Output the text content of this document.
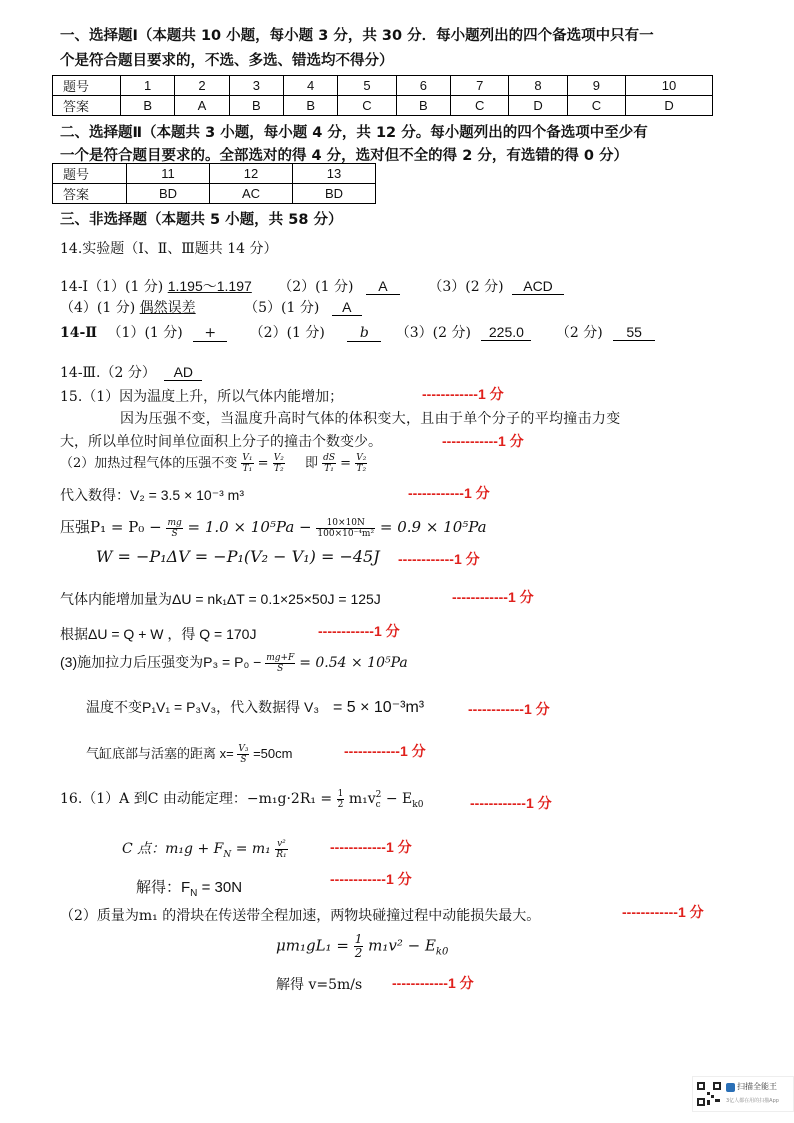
一、选择题Ⅰ（本题共 10 小题，每小题 3 分，共 30 分．每小题列出的四个备选项中只有一
个是符合题目要求的，不选、多选、错选均不得分）
题号	1	2	3	4	5	6	7	8	9	10
答案	B	A	B	B	C	B	C	D	C	D
二、选择题Ⅱ（本题共 3 小题，每小题 4 分，共 12 分。每小题列出的四个备选项中至少有
一个是符合题目要求的。全部选对的得 4 分，选对但不全的得 2 分，有选错的得 0 分）
题号	11	12	13
答案	BD	AC	BD
三、非选择题（本题共 5 小题，共 58 分）
14.实验题（Ⅰ、Ⅱ、Ⅲ题共 14 分）
14-Ⅰ（1）(1 分) 1.195～1.197 （2）(1 分) A	（3）(2 分) ACD
（4）(1 分) 偶然误差	（5）(1 分) A
14-Ⅱ （1）(1 分) + （2）(1 分) b （3）(2 分) 225.0 （2 分) 55
14-Ⅲ.（2 分） AD
15.（1）因为温度上升，所以气体内能增加；	------------1 分
因为压强不变，当温度升高时气体的体积变大，且由于单个分子的平均撞击力变
大，所以单位时间单位面积上分子的撞击个数变少。	------------1 分
（2）加热过程气体的压强不变 $\frac{\text{V₁}}{\text{T₁}} = \frac{\text{V₂}}{\text{T₂}}$ 即 $\frac{dS}{\text{T₁}} = \frac{\text{V₂}}{\text{T₂}}$
代入数得：V₂ = 3.5 × 10⁻³ m³	------------1 分
压强$P_1 = P_0 - \frac{mg}{S} = 1.0 \times 10^5Pa - \frac{10\times 10N}{\text{100×10⁻⁴m²}} = 0.9 \times 10^5Pa$
W = −P₁ΔV = −P₁(V₂ − V₁) = −45J ------------1 分
气体内能增加量为ΔU = nk₁ΔT = 0.1×25×50J = 125J	------------1 分
根据ΔU = Q + W ，得 Q = 170J	------------1 分
(3)施加拉力后压强变为$P_3 = P_0 - \frac{mg+F}{S} = 0.54 \times 10^5Pa$
温度不变P₁V₁ = P₃V₃，代入数据得 V₃ = 5 × 10⁻³m³	------------1 分
气缸底部与活塞的距离 $x= \frac{\text{V₃}}{S} =50cm$	------------1 分
16.（1）A 到C 由动能定理：$-m_1g\cdot 2R_1 = \frac{1}{2} m_1v_c^2 - E_{k0}$	------------1 分
C 点：$m_1g + F_N = m_1 \frac{\text{v²}}{\text{R₁}}$	------------1 分
解得：$F_N = 30N$	------------1 分
（2）质量为m₁ 的滑块在传送带全程加速，两物块碰撞过程中动能损失最大。	------------1 分
$\mu m_1gL_1 = \frac{1}{2} m_1v^2 - E_{k0}$
解得 v=5m/s ------------1 分
扫描全能王
3亿人都在用的扫描App
